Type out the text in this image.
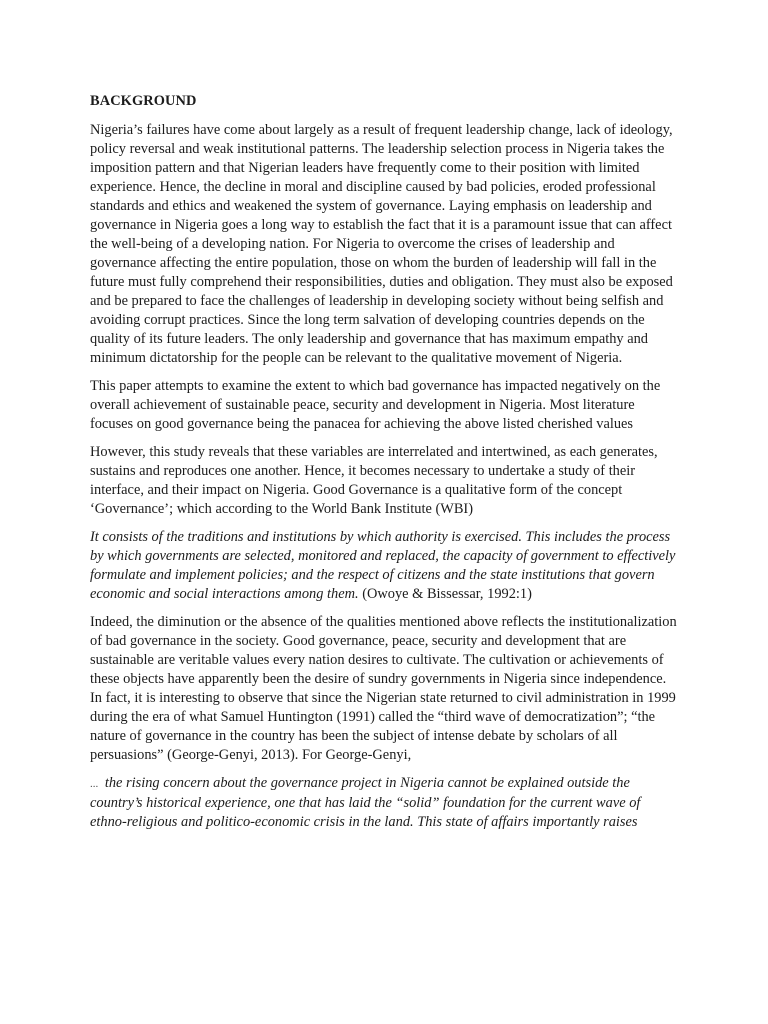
BACKGROUND

Nigeria’s failures have come about largely as a result of frequent leadership change, lack of ideology, policy reversal and weak institutional patterns. The leadership selection process in Nigeria takes the imposition pattern and that Nigerian leaders have frequently come to their position with limited experience. Hence, the decline in moral and discipline caused by bad policies, eroded professional standards and ethics and weakened the system of governance. Laying emphasis on leadership and governance in Nigeria goes a long way to establish the fact that it is a paramount issue that can affect the well-being of a developing nation. For Nigeria to overcome the crises of leadership and governance affecting the entire population, those on whom the burden of leadership will fall in the future must fully comprehend their responsibilities, duties and obligation. They must also be exposed and be prepared to face the challenges of leadership in developing society without being selfish and avoiding corrupt practices. Since the long term salvation of developing countries depends on the quality of its future leaders. The only leadership and governance that has maximum empathy and minimum dictatorship for the people can be relevant to the qualitative movement of Nigeria.

This paper attempts to examine the extent to which bad governance has impacted negatively on the overall achievement of sustainable peace, security and development in Nigeria. Most literature focuses on good governance being the panacea for achieving the above listed cherished values

However, this study reveals that these variables are interrelated and intertwined, as each generates, sustains and reproduces one another. Hence, it becomes necessary to undertake a study of their interface, and their impact on Nigeria. Good Governance is a qualitative form of the concept ‘Governance’; which according to the World Bank Institute (WBI)

It consists of the traditions and institutions by which authority is exercised. This includes the process by which governments are selected, monitored and replaced, the capacity of government to effectively formulate and implement policies; and the respect of citizens and the state institutions that govern economic and social interactions among them. (Owoye & Bissessar, 1992:1)

Indeed, the diminution or the absence of the qualities mentioned above reflects the institutionalization of bad governance in the society. Good governance, peace, security and development that are sustainable are veritable values every nation desires to cultivate. The cultivation or achievements of these objects have apparently been the desire of sundry governments in Nigeria since independence. In fact, it is interesting to observe that since the Nigerian state returned to civil administration in 1999 during the era of what Samuel Huntington (1991) called the “third wave of democratization”; “the nature of governance in the country has been the subject of intense debate by scholars of all persuasions” (George-Genyi, 2013). For George-Genyi,

... the rising concern about the governance project in Nigeria cannot be explained outside the country’s historical experience, one that has laid the “solid” foundation for the current wave of ethno-religious and politico-economic crisis in the land. This state of affairs importantly raises
